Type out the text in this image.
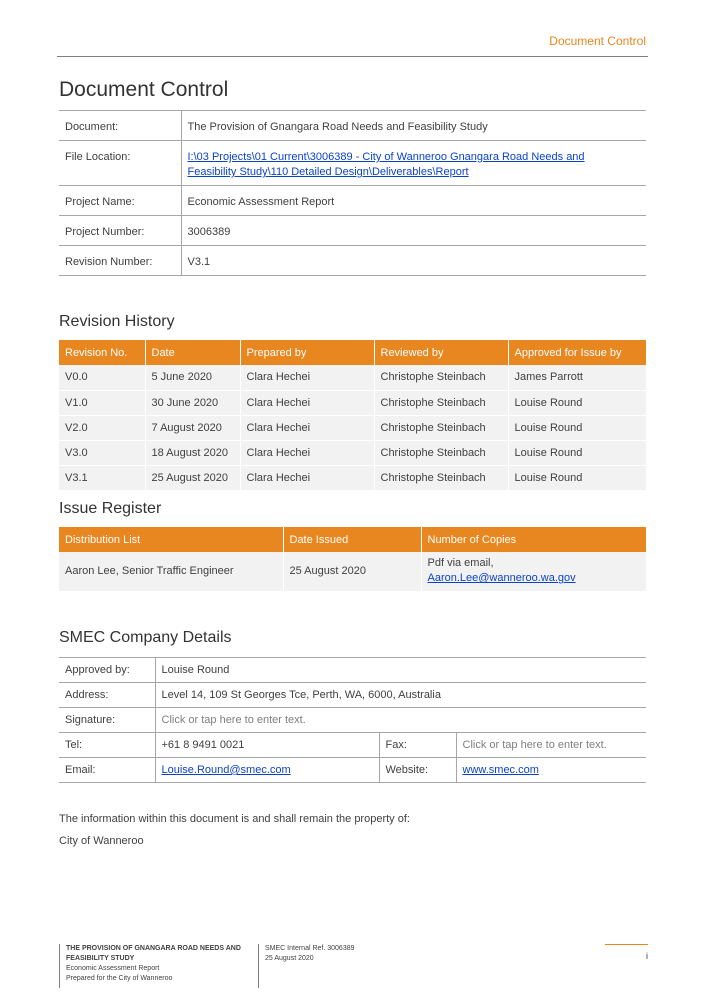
Document Control
Document Control
Document:	The Provision of Gnangara Road Needs and Feasibility Study
File Location:	I:\03 Projects\01 Current\3006389 - City of Wanneroo Gnangara Road Needs and
Feasibility Study\110 Detailed Design\Deliverables\Report
Project Name:	Economic Assessment Report
Project Number:	3006389
Revision Number:	V3.1
Revision History
Revision No.	Date	Prepared by	Reviewed by	Approved for Issue by
V0.0	5 June 2020	Clara Hechei	Christophe Steinbach	James Parrott
V1.0	30 June 2020	Clara Hechei	Christophe Steinbach	Louise Round
V2.0	7 August 2020	Clara Hechei	Christophe Steinbach	Louise Round
V3.0	18 August 2020	Clara Hechei	Christophe Steinbach	Louise Round
V3.1	25 August 2020	Clara Hechei	Christophe Steinbach	Louise Round
Issue Register
Distribution List	Date Issued	Number of Copies
Aaron Lee, Senior Traffic Engineer	25 August 2020	Pdf via email,
Aaron.Lee@wanneroo.wa.gov
SMEC Company Details
Approved by:	Louise Round		
Address:	Level 14, 109 St Georges Tce, Perth, WA, 6000, Australia		
Signature:	Click or tap here to enter text.		
Tel:	+61 8 9491 0021	Fax:	Click or tap here to enter text.
Email:	Louise.Round@smec.com	Website:	www.smec.com
The information within this document is and shall remain the property of:
City of Wanneroo
THE PROVISION OF GNANGARA ROAD NEEDS AND
FEASIBILITY STUDY
Economic Assessment Report
Prepared for the City of Wanneroo
SMEC Internal Ref. 3006389
25 August 2020	i
